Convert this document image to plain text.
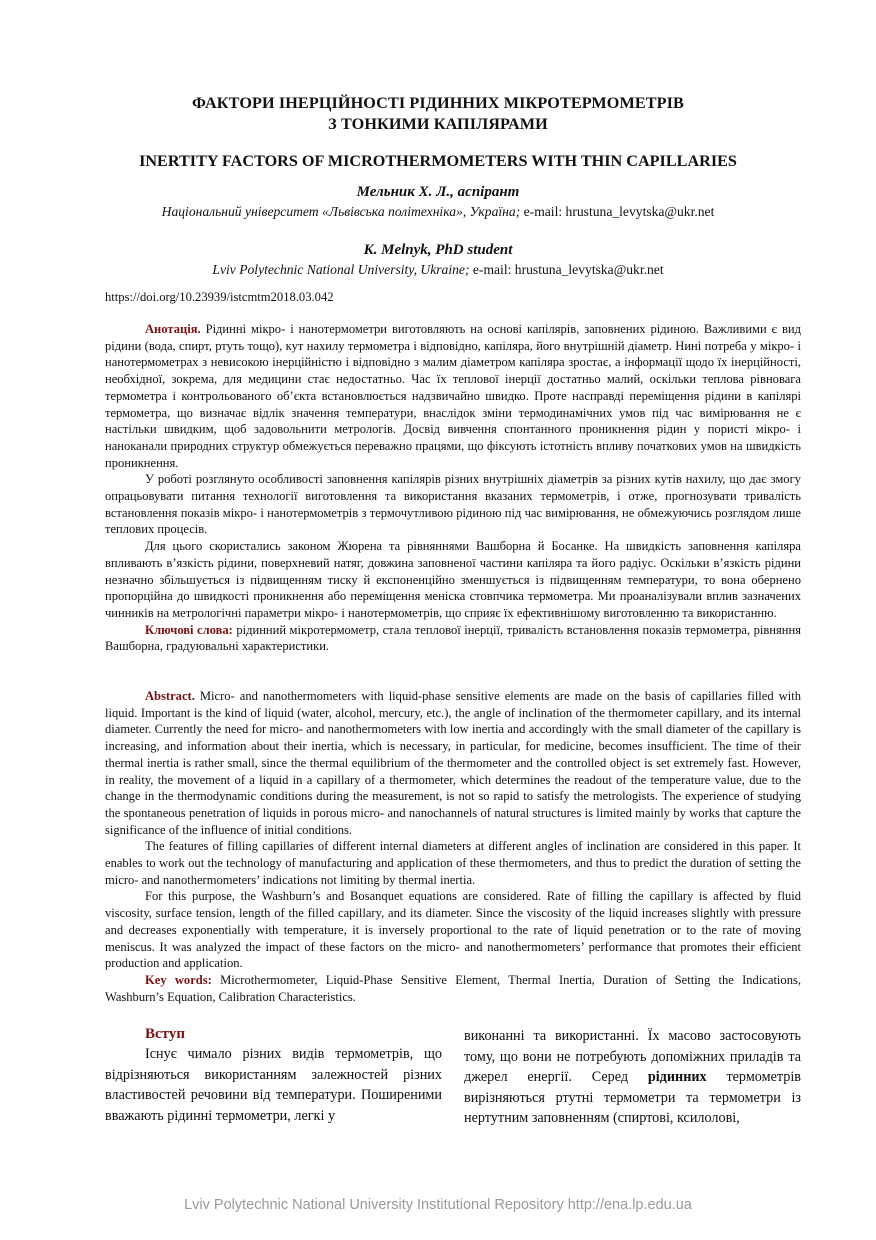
ФАКТОРИ ІНЕРЦІЙНОСТІ РІДИННИХ МІКРОТЕРМОМЕТРІВ
З ТОНКИМИ КАПІЛЯРАМИ
INERTITY FACTORS OF MICROTHERMOMETERS WITH THIN CAPILLARIES
Мельник Х. Л., аспірант
Національний університет «Львівська політехніка», Україна; e-mail: hrustuna_levytska@ukr.net
K. Melnyk, PhD student
Lviv Polytechnic National University, Ukraine; e-mail: hrustuna_levytska@ukr.net
https://doi.org/10.23939/istcmtm2018.03.042

Анотація. Рідинні мікро- і нанотермометри виготовляють на основі капілярів, заповнених рідиною. Важливими є вид рідини (вода, спирт, ртуть тощо), кут нахилу термометра і відповідно, капіляра, його внутрішній діаметр. Нині потреба у мікро- і нанотермометрах з невисокою інерційністю і відповідно з малим діаметром капіляра зростає, а інформації щодо їх інерційності, необхідної, зокрема, для медицини стає недостатньо. Час їх теплової інерції достатньо малий, оскільки теплова рівновага термометра і контрольованого об’єкта встановлюється надзвичайно швидко. Проте насправді переміщення рідини в капілярі термометра, що визначає відлік значення температури, внаслідок зміни термодинамічних умов під час вимірювання не є настільки швидким, щоб задовольнити метрологів. Досвід вивчення спонтанного проникнення рідин у пористі мікро- і наноканали природних структур обмежується переважно працями, що фіксують істотність впливу початкових умов на швидкість проникнення.

У роботі розглянуто особливості заповнення капілярів різних внутрішніх діаметрів за різних кутів нахилу, що дає змогу опрацьовувати питання технології виготовлення та використання вказаних термометрів, і отже, прогнозувати тривалість встановлення показів мікро- і нанотермометрів з термочутливою рідиною під час вимірювання, не обмежуючись розглядом лише теплових процесів.

Для цього скористались законом Жюрена та рівняннями Вашборна й Босанке. На швидкість заповнення капіляра впливають в’язкість рідини, поверхневий натяг, довжина заповненої частини капіляра та його радіус. Оскільки в’язкість рідини незначно збільшується із підвищенням тиску й експоненційно зменшується із підвищенням температури, то вона обернено пропорційна до швидкості проникнення або переміщення меніска стовпчика термометра. Ми проаналізували вплив зазначених чинників на метрологічні параметри мікро- і нанотермометрів, що сприяє їх ефективнішому виготовленню та використанню.

Ключові слова: рідинний мікротермометр, стала теплової інерції, тривалість встановлення показів термометра, рівняння Вашборна, градуювальні характеристики.

Abstract. Micro- and nanothermometers with liquid-phase sensitive elements are made on the basis of capillaries filled with liquid. Important is the kind of liquid (water, alcohol, mercury, etc.), the angle of inclination of the thermometer capillary, and its internal diameter. Currently the need for micro- and nanothermometers with low inertia and accordingly with the small diameter of the capillary is increasing, and information about their inertia, which is necessary, in particular, for medicine, becomes insufficient. The time of their thermal inertia is rather small, since the thermal equilibrium of the thermometer and the controlled object is set extremely fast. However, in reality, the movement of a liquid in a capillary of a thermometer, which determines the readout of the temperature value, due to the change in the thermodynamic conditions during the measurement, is not so rapid to satisfy the metrologists. The experience of studying the spontaneous penetration of liquids in porous micro- and nanochannels of natural structures is limited mainly by works that capture the significance of the influence of initial conditions.

The features of filling capillaries of different internal diameters at different angles of inclination are considered in this paper. It enables to work out the technology of manufacturing and application of these thermometers, and thus to predict the duration of setting the micro- and nanothermometers’ indications not limiting by thermal inertia.

For this purpose, the Washburn’s and Bosanquet equations are considered. Rate of filling the capillary is affected by fluid viscosity, surface tension, length of the filled capillary, and its diameter. Since the viscosity of the liquid increases slightly with pressure and decreases exponentially with temperature, it is inversely proportional to the rate of liquid penetration or to the rate of moving meniscus. It was analyzed the impact of these factors on the micro- and nanothermometers’ performance that promotes their efficient production and application.

Key words: Microthermometer, Liquid-Phase Sensitive Element, Thermal Inertia, Duration of Setting the Indications, Washburn’s Equation, Calibration Characteristics.

Вступ

Існує чимало різних видів термометрів, що відрізняються використанням залежностей різних властивостей речовини від температури. Поширеними вважають рідинні термометри, легкі у

виконанні та використанні. Їх масово застосовують тому, що вони не потребують допоміжних приладів та джерел енергії. Серед рідинних термометрів вирізняються ртутні термометри та термометри із нертутним заповненням (спиртові, ксилолові,

Lviv Polytechnic National University Institutional Repository http://ena.lp.edu.ua
